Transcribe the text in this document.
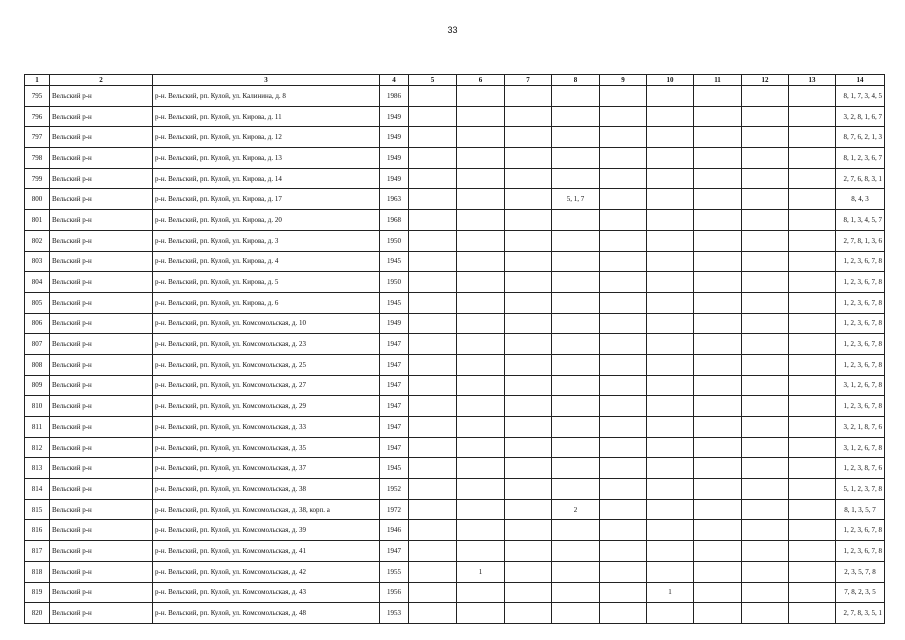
33
1	2	3	4	5	6	7	8	9	10	11	12	13	14
795	Вельский р-н	р-н. Вельский, рп. Кулой, ул. Калинина, д. 8	1986										8, 1, 7, 3, 4, 5
796	Вельский р-н	р-н. Вельский, рп. Кулой, ул. Кирова, д. 11	1949										3, 2, 8, 1, 6, 7
797	Вельский р-н	р-н. Вельский, рп. Кулой, ул. Кирова, д. 12	1949										8, 7, 6, 2, 1, 3
798	Вельский р-н	р-н. Вельский, рп. Кулой, ул. Кирова, д. 13	1949										8, 1, 2, 3, 6, 7
799	Вельский р-н	р-н. Вельский, рп. Кулой, ул. Кирова, д. 14	1949										2, 7, 6, 8, 3, 1
800	Вельский р-н	р-н. Вельский, рп. Кулой, ул. Кирова, д. 17	1963				5, 1, 7						8, 4, 3
801	Вельский р-н	р-н. Вельский, рп. Кулой, ул. Кирова, д. 20	1968										8, 1, 3, 4, 5, 7
802	Вельский р-н	р-н. Вельский, рп. Кулой, ул. Кирова, д. 3	1950										2, 7, 8, 1, 3, 6
803	Вельский р-н	р-н. Вельский, рп. Кулой, ул. Кирова, д. 4	1945										1, 2, 3, 6, 7, 8
804	Вельский р-н	р-н. Вельский, рп. Кулой, ул. Кирова, д. 5	1950										1, 2, 3, 6, 7, 8
805	Вельский р-н	р-н. Вельский, рп. Кулой, ул. Кирова, д. 6	1945										1, 2, 3, 6, 7, 8
806	Вельский р-н	р-н. Вельский, рп. Кулой, ул. Комсомольская, д. 10	1949										1, 2, 3, 6, 7, 8
807	Вельский р-н	р-н. Вельский, рп. Кулой, ул. Комсомольская, д. 23	1947										1, 2, 3, 6, 7, 8
808	Вельский р-н	р-н. Вельский, рп. Кулой, ул. Комсомольская, д. 25	1947										1, 2, 3, 6, 7, 8
809	Вельский р-н	р-н. Вельский, рп. Кулой, ул. Комсомольская, д. 27	1947										3, 1, 2, 6, 7, 8
810	Вельский р-н	р-н. Вельский, рп. Кулой, ул. Комсомольская, д. 29	1947										1, 2, 3, 6, 7, 8
811	Вельский р-н	р-н. Вельский, рп. Кулой, ул. Комсомольская, д. 33	1947										3, 2, 1, 8, 7, 6
812	Вельский р-н	р-н. Вельский, рп. Кулой, ул. Комсомольская, д. 35	1947										3, 1, 2, 6, 7, 8
813	Вельский р-н	р-н. Вельский, рп. Кулой, ул. Комсомольская, д. 37	1945										1, 2, 3, 8, 7, 6
814	Вельский р-н	р-н. Вельский, рп. Кулой, ул. Комсомольская, д. 38	1952										5, 1, 2, 3, 7, 8
815	Вельский р-н	р-н. Вельский, рп. Кулой, ул. Комсомольская, д. 38, корп. а	1972				2						8, 1, 3, 5, 7
816	Вельский р-н	р-н. Вельский, рп. Кулой, ул. Комсомольская, д. 39	1946										1, 2, 3, 6, 7, 8
817	Вельский р-н	р-н. Вельский, рп. Кулой, ул. Комсомольская, д. 41	1947										1, 2, 3, 6, 7, 8
818	Вельский р-н	р-н. Вельский, рп. Кулой, ул. Комсомольская, д. 42	1955		1								2, 3, 5, 7, 8
819	Вельский р-н	р-н. Вельский, рп. Кулой, ул. Комсомольская, д. 43	1956						1				7, 8, 2, 3, 5
820	Вельский р-н	р-н. Вельский, рп. Кулой, ул. Комсомольская, д. 48	1953										2, 7, 8, 3, 5, 1
